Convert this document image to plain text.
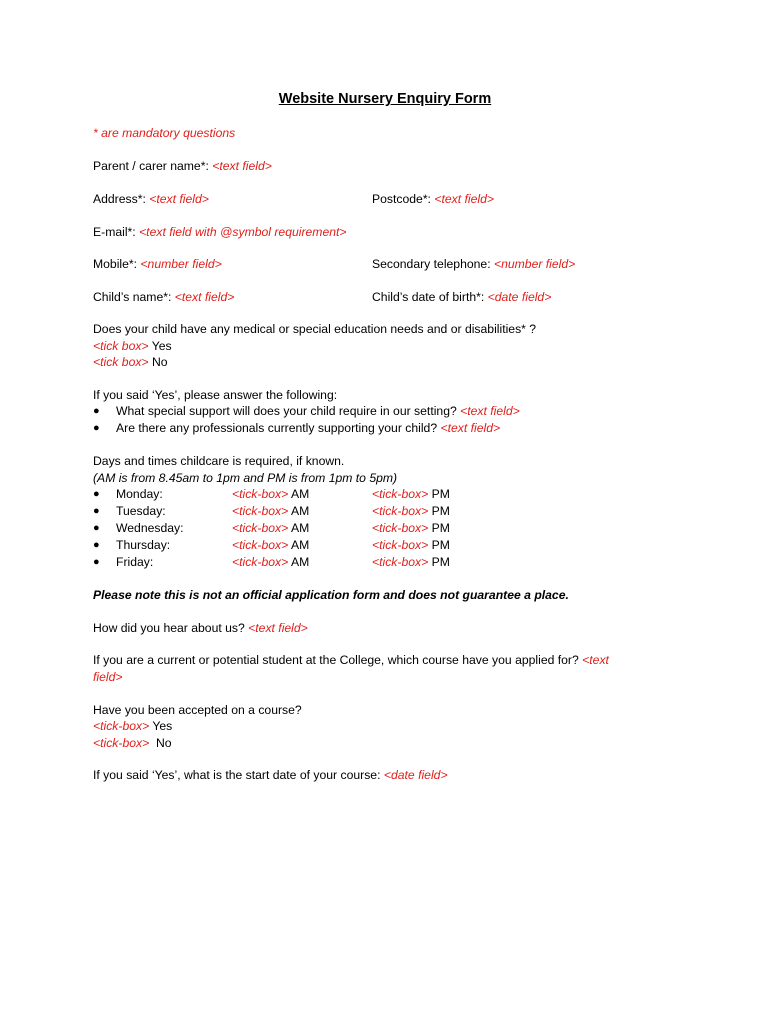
Website Nursery Enquiry Form
* are mandatory questions
Parent / carer name*: <text field>
Address*: <text field>	Postcode*: <text field>
E-mail*: <text field with @symbol requirement>
Mobile*: <number field>	Secondary telephone: <number field>
Child’s name*: <text field>	Child’s date of birth*: <date field>
Does your child have any medical or special education needs and or disabilities* ?
<tick box> Yes
<tick box> No
If you said ‘Yes’, please answer the following:
● What special support will does your child require in our setting? <text field>
● Are there any professionals currently supporting your child? <text field>
Days and times childcare is required, if known.
(AM is from 8.45am to 1pm and PM is from 1pm to 5pm)
● Monday:	<tick-box> AM	<tick-box> PM
● Tuesday:	<tick-box> AM	<tick-box> PM
● Wednesday:	<tick-box> AM	<tick-box> PM
● Thursday:	<tick-box> AM	<tick-box> PM
● Friday:	<tick-box> AM	<tick-box> PM
Please note this is not an official application form and does not guarantee a place.
How did you hear about us? <text field>
If you are a current or potential student at the College, which course have you applied for? <text
field>
Have you been accepted on a course?
<tick-box> Yes
<tick-box>  No
If you said ‘Yes’, what is the start date of your course: <date field>
